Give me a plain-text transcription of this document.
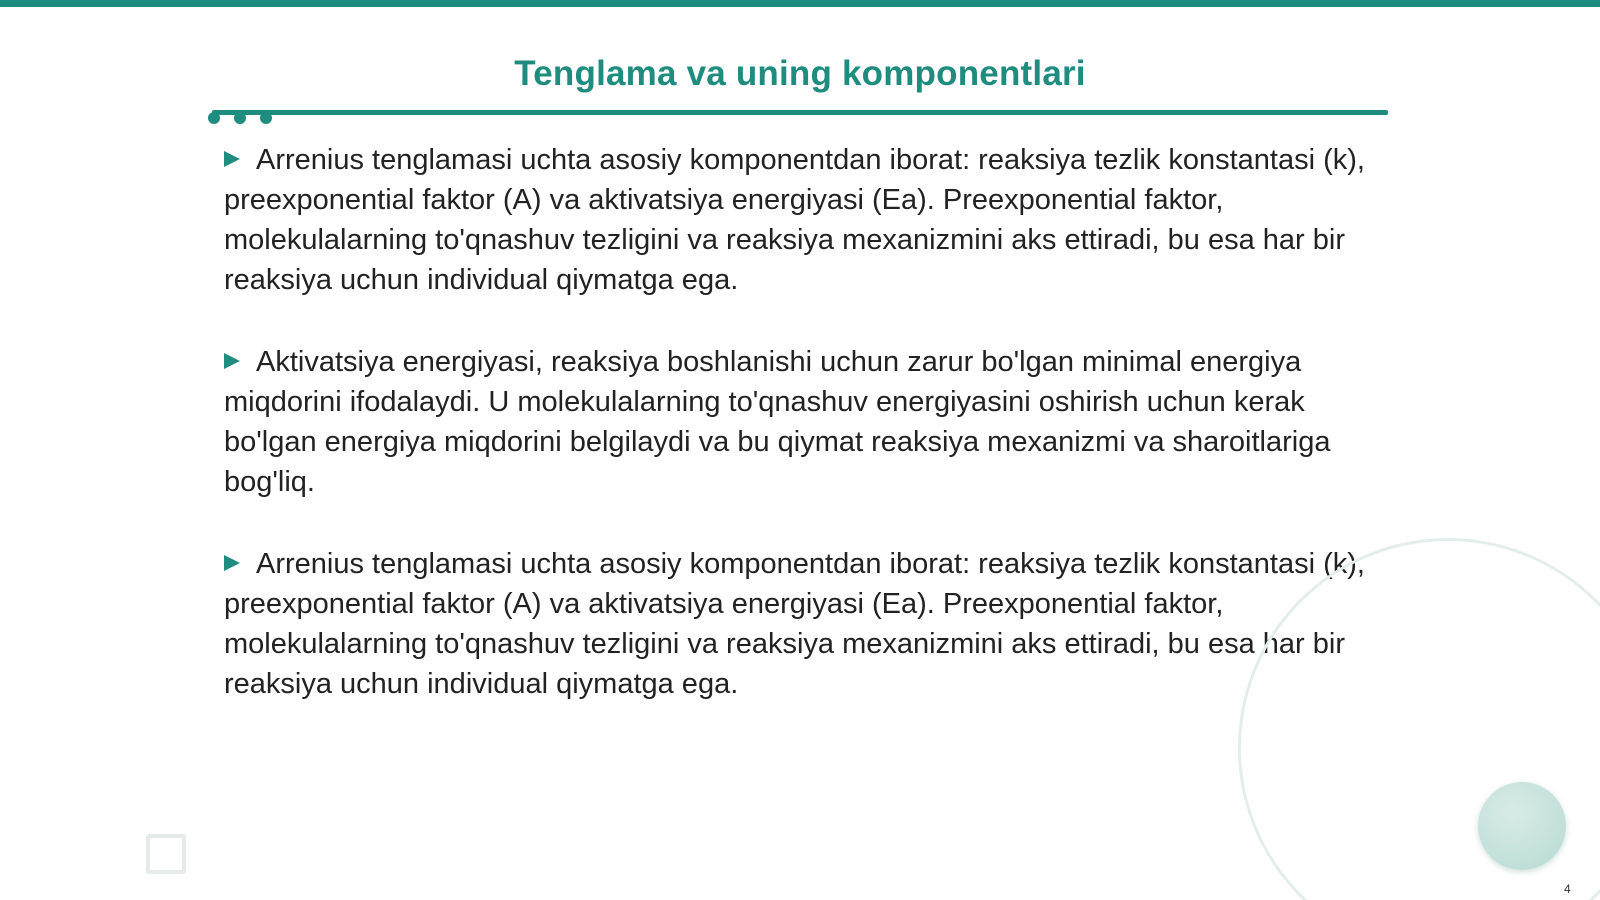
Tenglama va uning komponentlari

Arrenius tenglamasi uchta asosiy komponentdan iborat: reaksiya tezlik konstantasi (k), preexponential faktor (A) va aktivatsiya energiyasi (Ea). Preexponential faktor, molekulalarning to'qnashuv tezligini va reaksiya mexanizmini aks ettiradi, bu esa har bir reaksiya uchun individual qiymatga ega.

Aktivatsiya energiyasi, reaksiya boshlanishi uchun zarur bo'lgan minimal energiya miqdorini ifodalaydi. U molekulalarning to'qnashuv energiyasini oshirish uchun kerak bo'lgan energiya miqdorini belgilaydi va bu qiymat reaksiya mexanizmi va sharoitlariga bog'liq.

Arrenius tenglamasi uchta asosiy komponentdan iborat: reaksiya tezlik konstantasi (k), preexponential faktor (A) va aktivatsiya energiyasi (Ea). Preexponential faktor, molekulalarning to'qnashuv tezligini va reaksiya mexanizmini aks ettiradi, bu esa har bir reaksiya uchun individual qiymatga ega.

4
